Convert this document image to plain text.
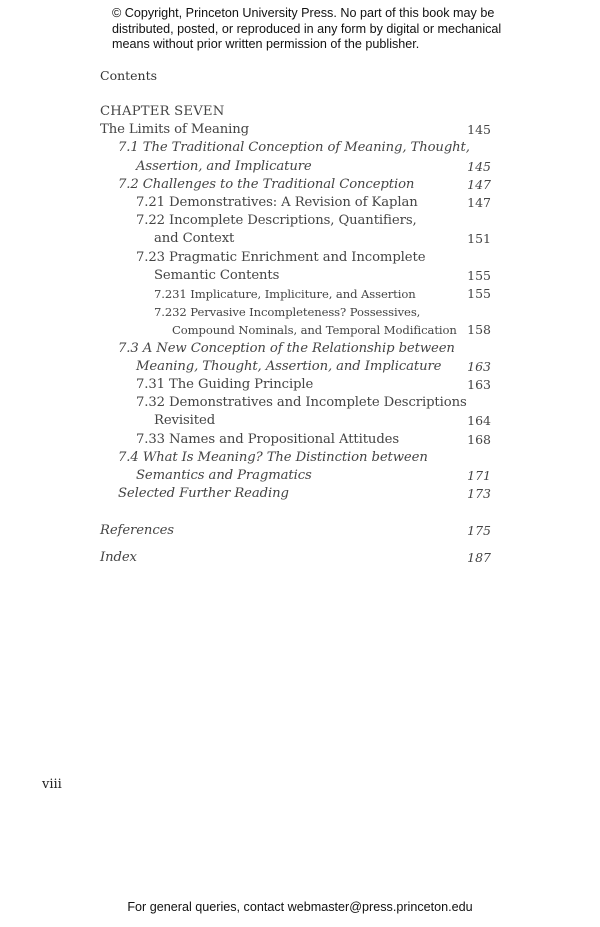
© Copyright, Princeton University Press. No part of this book may be
distributed, posted, or reproduced in any form by digital or mechanical
means without prior written permission of the publisher.
Contents
CHAPTER SEVEN
The Limits of Meaning	145
7.1 The Traditional Conception of Meaning, Thought,
Assertion, and Implicature	145
7.2 Challenges to the Traditional Conception	147
7.21 Demonstratives: A Revision of Kaplan	147
7.22 Incomplete Descriptions, Quantifiers,
and Context	151
7.23 Pragmatic Enrichment and Incomplete
Semantic Contents	155
7.231 Implicature, Impliciture, and Assertion	155
7.232 Pervasive Incompleteness? Possessives,
Compound Nominals, and Temporal Modification 158
7.3 A New Conception of the Relationship between
Meaning, Thought, Assertion, and Implicature 163
7.31 The Guiding Principle	163
7.32 Demonstratives and Incomplete Descriptions
Revisited	164
7.33 Names and Propositional Attitudes	168
7.4 What Is Meaning? The Distinction between
Semantics and Pragmatics	171
Selected Further Reading	173
References	175
Index	187
viii
For general queries, contact webmaster@press.princeton.edu
